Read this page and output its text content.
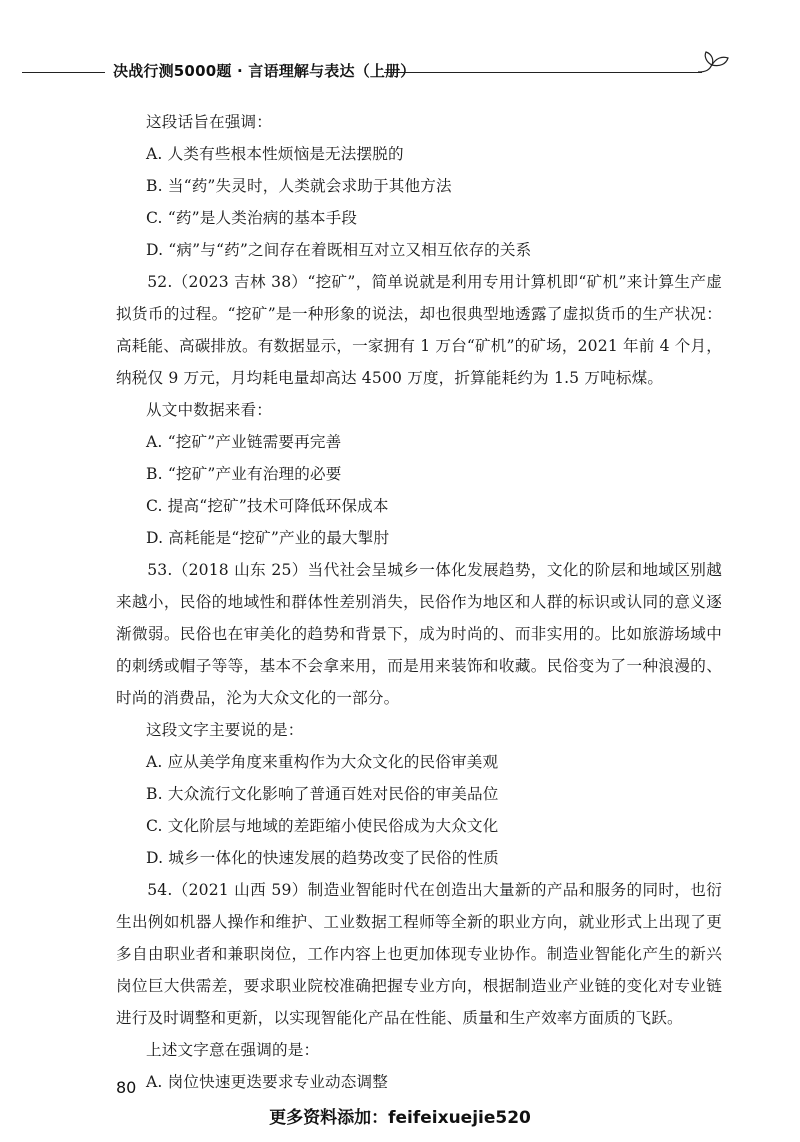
决战行测5000题 · 言语理解与表达（上册）

这段话旨在强调：

A. 人类有些根本性烦恼是无法摆脱的

B. 当“药”失灵时，人类就会求助于其他方法

C. “药”是人类治病的基本手段

D. “病”与“药”之间存在着既相互对立又相互依存的关系

52.（2023 吉林 38）“挖矿”，简单说就是利用专用计算机即“矿机”来计算生产虚拟货币的过程。“挖矿”是一种形象的说法，却也很典型地透露了虚拟货币的生产状况：高耗能、高碳排放。有数据显示，一家拥有 1 万台“矿机”的矿场，2021 年前 4 个月，纳税仅 9 万元，月均耗电量却高达 4500 万度，折算能耗约为 1.5 万吨标煤。

从文中数据来看：

A. “挖矿”产业链需要再完善

B. “挖矿”产业有治理的必要

C. 提高“挖矿”技术可降低环保成本

D. 高耗能是“挖矿”产业的最大掣肘

53.（2018 山东 25）当代社会呈城乡一体化发展趋势，文化的阶层和地域区别越来越小，民俗的地域性和群体性差别消失，民俗作为地区和人群的标识或认同的意义逐渐微弱。民俗也在审美化的趋势和背景下，成为时尚的、而非实用的。比如旅游场域中的刺绣或帽子等等，基本不会拿来用，而是用来装饰和收藏。民俗变为了一种浪漫的、时尚的消费品，沦为大众文化的一部分。

这段文字主要说的是：

A. 应从美学角度来重构作为大众文化的民俗审美观

B. 大众流行文化影响了普通百姓对民俗的审美品位

C. 文化阶层与地域的差距缩小使民俗成为大众文化

D. 城乡一体化的快速发展的趋势改变了民俗的性质

54.（2021 山西 59）制造业智能时代在创造出大量新的产品和服务的同时，也衍生出例如机器人操作和维护、工业数据工程师等全新的职业方向，就业形式上出现了更多自由职业者和兼职岗位，工作内容上也更加体现专业协作。制造业智能化产生的新兴岗位巨大供需差，要求职业院校准确把握专业方向，根据制造业产业链的变化对专业链进行及时调整和更新，以实现智能化产品在性能、质量和生产效率方面质的飞跃。

上述文字意在强调的是：

A. 岗位快速更迭要求专业动态调整

80
更多资料添加：feifeixuejie520
